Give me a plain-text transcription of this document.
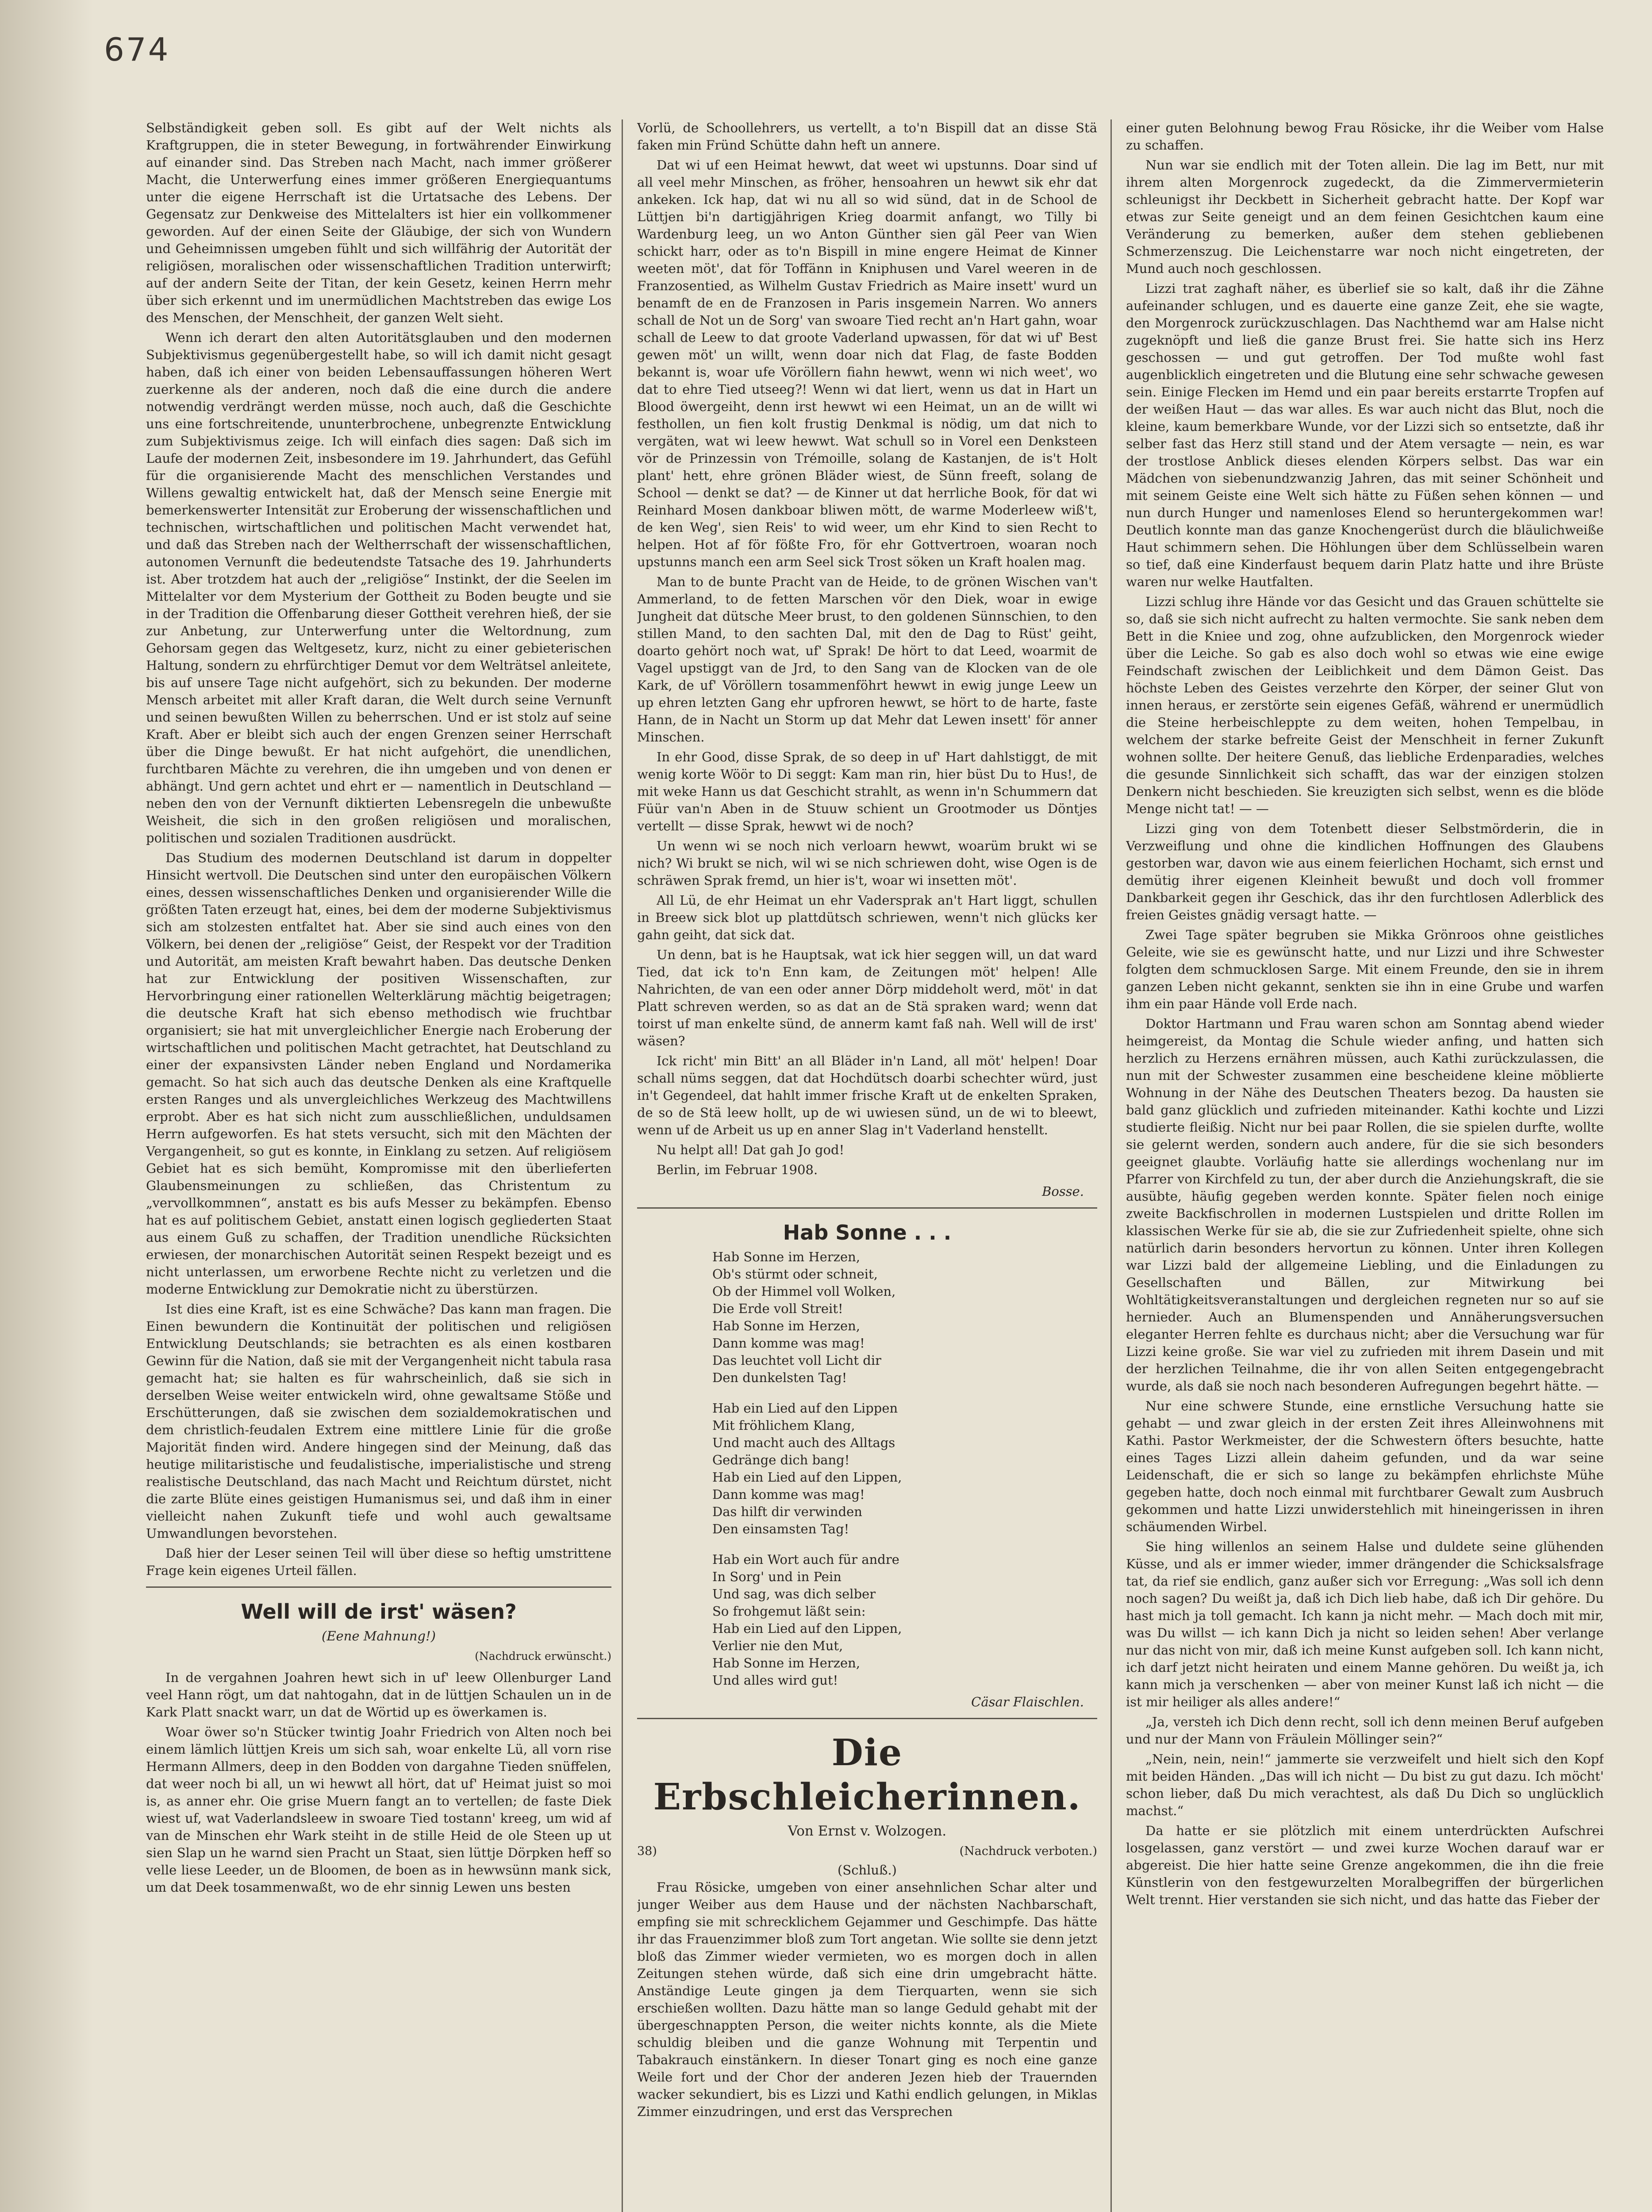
674

Selbständigkeit geben soll. Es gibt auf der Welt nichts als Kraftgruppen, die in steter Bewegung, in fortwährender Einwirkung auf einander sind. Das Streben nach Macht, nach immer größerer Macht, die Unterwerfung eines immer größeren Energiequantums unter die eigene Herrschaft ist die Urtatsache des Lebens. Der Gegensatz zur Denkweise des Mittelalters ist hier ein vollkommener geworden. Auf der einen Seite der Gläubige, der sich von Wundern und Geheimnissen umgeben fühlt und sich willfährig der Autorität der religiösen, moralischen oder wissenschaftlichen Tradition unterwirft; auf der andern Seite der Titan, der kein Gesetz, keinen Herrn mehr über sich erkennt und im unermüdlichen Machtstreben das ewige Los des Menschen, der Menschheit, der ganzen Welt sieht.

Wenn ich derart den alten Autoritätsglauben und den modernen Subjektivismus gegenübergestellt habe, so will ich damit nicht gesagt haben, daß ich einer von beiden Lebensauffassungen höheren Wert zuerkenne als der anderen, noch daß die eine durch die andere notwendig verdrängt werden müsse, noch auch, daß die Geschichte uns eine fortschreitende, ununterbrochene, unbegrenzte Entwicklung zum Subjektivismus zeige. Ich will einfach dies sagen: Daß sich im Laufe der modernen Zeit, insbesondere im 19. Jahrhundert, das Gefühl für die organisierende Macht des menschlichen Verstandes und Willens gewaltig entwickelt hat, daß der Mensch seine Energie mit bemerkenswerter Intensität zur Eroberung der wissenschaftlichen und technischen, wirtschaftlichen und politischen Macht verwendet hat, und daß das Streben nach der Weltherrschaft der wissenschaftlichen, autonomen Vernunft die bedeutendste Tatsache des 19. Jahrhunderts ist. Aber trotzdem hat auch der „religiöse“ Instinkt, der die Seelen im Mittelalter vor dem Mysterium der Gottheit zu Boden beugte und sie in der Tradition die Offenbarung dieser Gottheit verehren hieß, der sie zur Anbetung, zur Unterwerfung unter die Weltordnung, zum Gehorsam gegen das Weltgesetz, kurz, nicht zu einer gebieterischen Haltung, sondern zu ehrfürchtiger Demut vor dem Welträtsel anleitete, bis auf unsere Tage nicht aufgehört, sich zu bekunden. Der moderne Mensch arbeitet mit aller Kraft daran, die Welt durch seine Vernunft und seinen bewußten Willen zu beherrschen. Und er ist stolz auf seine Kraft. Aber er bleibt sich auch der engen Grenzen seiner Herrschaft über die Dinge bewußt. Er hat nicht aufgehört, die unendlichen, furchtbaren Mächte zu verehren, die ihn umgeben und von denen er abhängt. Und gern achtet und ehrt er — namentlich in Deutschland — neben den von der Vernunft diktierten Lebensregeln die unbewußte Weisheit, die sich in den großen religiösen und moralischen, politischen und sozialen Traditionen ausdrückt.

Das Studium des modernen Deutschland ist darum in doppelter Hinsicht wertvoll. Die Deutschen sind unter den europäischen Völkern eines, dessen wissenschaftliches Denken und organisierender Wille die größten Taten erzeugt hat, eines, bei dem der moderne Subjektivismus sich am stolzesten entfaltet hat. Aber sie sind auch eines von den Völkern, bei denen der „religiöse“ Geist, der Respekt vor der Tradition und Autorität, am meisten Kraft bewahrt haben. Das deutsche Denken hat zur Entwicklung der positiven Wissenschaften, zur Hervorbringung einer rationellen Welterklärung mächtig beigetragen; die deutsche Kraft hat sich ebenso methodisch wie fruchtbar organisiert; sie hat mit unvergleichlicher Energie nach Eroberung der wirtschaftlichen und politischen Macht getrachtet, hat Deutschland zu einer der expansivsten Länder neben England und Nordamerika gemacht. So hat sich auch das deutsche Denken als eine Kraftquelle ersten Ranges und als unvergleichliches Werkzeug des Machtwillens erprobt. Aber es hat sich nicht zum ausschließlichen, unduldsamen Herrn aufgeworfen. Es hat stets versucht, sich mit den Mächten der Vergangenheit, so gut es konnte, in Einklang zu setzen. Auf religiösem Gebiet hat es sich bemüht, Kompromisse mit den überlieferten Glaubensmeinungen zu schließen, das Christentum zu „vervollkommnen“, anstatt es bis aufs Messer zu bekämpfen. Ebenso hat es auf politischem Gebiet, anstatt einen logisch gegliederten Staat aus einem Guß zu schaffen, der Tradition unendliche Rücksichten erwiesen, der monarchischen Autorität seinen Respekt bezeigt und es nicht unterlassen, um erworbene Rechte nicht zu verletzen und die moderne Entwicklung zur Demokratie nicht zu überstürzen.

Ist dies eine Kraft, ist es eine Schwäche? Das kann man fragen. Die Einen bewundern die Kontinuität der politischen und religiösen Entwicklung Deutschlands; sie betrachten es als einen kostbaren Gewinn für die Nation, daß sie mit der Vergangenheit nicht tabula rasa gemacht hat; sie halten es für wahrscheinlich, daß sie sich in derselben Weise weiter entwickeln wird, ohne gewaltsame Stöße und Erschütterungen, daß sie zwischen dem sozialdemokratischen und dem christlich-feudalen Extrem eine mittlere Linie für die große Majorität finden wird. Andere hingegen sind der Meinung, daß das heutige militaristische und feudalistische, imperialistische und streng realistische Deutschland, das nach Macht und Reichtum dürstet, nicht die zarte Blüte eines geistigen Humanismus sei, und daß ihm in einer vielleicht nahen Zukunft tiefe und wohl auch gewaltsame Umwandlungen bevorstehen.

Daß hier der Leser seinen Teil will über diese so heftig umstrittene Frage kein eigenes Urteil fällen.

Well will de irst' wäsen?
(Eene Mahnung!)
(Nachdruck erwünscht.)

In de vergahnen Joahren hewt sich in uf' leew Ollenburger Land veel Hann rögt, um dat nahtogahn, dat in de lüttjen Schaulen un in de Kark Platt snackt warr, un dat de Wörtid up es öwerkamen is.

Woar öwer so'n Stücker twintig Joahr Friedrich von Alten noch bei einem lämlich lüttjen Kreis um sich sah, woar enkelte Lü, all vorn rise Hermann Allmers, deep in den Bodden von dargahne Tieden snüffelen, dat weer noch bi all, un wi hewwt all hört, dat uf' Heimat juist so moi is, as anner ehr. Oie grise Muern fangt an to vertellen; de faste Diek wiest uf, wat Vaderlandsleew in swoare Tied tostann' kreeg, um wid af van de Minschen ehr Wark steiht in de stille Heid de ole Steen up ut sien Slap un he warnd sien Pracht un Staat, sien lüttje Dörpken heff so velle liese Leeder, un de Bloomen, de boen as in hewwsünn mank sick, um dat Deek tosammenwaßt, wo de ehr sinnig Lewen uns besten

Vorlü, de Schoollehrers, us vertellt, a to'n Bispill dat an disse Stä faken min Fründ Schütte dahn heft un annere.

Dat wi uf een Heimat hewwt, dat weet wi upstunns. Doar sind uf all veel mehr Minschen, as fröher, hensoahren un hewwt sik ehr dat ankeken. Ick hap, dat wi nu all so wid sünd, dat in de School de Lüttjen bi'n dartigjährigen Krieg doarmit anfangt, wo Tilly bi Wardenburg leeg, un wo Anton Günther sien gäl Peer van Wien schickt harr, oder as to'n Bispill in mine engere Heimat de Kinner weeten möt', dat för Toffänn in Kniphusen und Varel weeren in de Franzosentied, as Wilhelm Gustav Friedrich as Maire insett' wurd un benamft de en de Franzosen in Paris insgemein Narren. Wo anners schall de Not un de Sorg' van swoare Tied recht an'n Hart gahn, woar schall de Leew to dat groote Vaderland upwassen, för dat wi uf' Best gewen möt' un willt, wenn doar nich dat Flag, de faste Bodden bekannt is, woar ufe Vöröllern fiahn hewwt, wenn wi nich weet', wo dat to ehre Tied utseeg?! Wenn wi dat liert, wenn us dat in Hart un Blood öwergeiht, denn irst hewwt wi een Heimat, un an de willt wi festhollen, un fien kolt frustig Denkmal is nödig, um dat nich to vergäten, wat wi leew hewwt. Wat schull so in Vorel een Denksteen vör de Prinzessin von Trémoille, solang de Kastanjen, de is't Holt plant' hett, ehre grönen Bläder wiest, de Sünn freeft, solang de School — denkt se dat? — de Kinner ut dat herrliche Book, för dat wi Reinhard Mosen dankboar bliwen mött, de warme Moderleew wiß't, de ken Weg', sien Reis' to wid weer, um ehr Kind to sien Recht to helpen. Hot af för fößte Fro, för ehr Gottvertroen, woaran noch upstunns manch een arm Seel sick Trost söken un Kraft hoalen mag.

Man to de bunte Pracht van de Heide, to de grönen Wischen van't Ammerland, to de fetten Marschen vör den Diek, woar in ewige Jungheit dat dütsche Meer brust, to den goldenen Sünnschien, to den stillen Mand, to den sachten Dal, mit den de Dag to Rüst' geiht, doarto gehört noch wat, uf' Sprak! De hört to dat Leed, woarmit de Vagel upstiggt van de Jrd, to den Sang van de Klocken van de ole Kark, de uf' Vöröllern tosammenföhrt hewwt in ewig junge Leew un up ehren letzten Gang ehr upfroren hewwt, se hört to de harte, faste Hann, de in Nacht un Storm up dat Mehr dat Lewen insett' för anner Minschen.

In ehr Good, disse Sprak, de so deep in uf' Hart dahlstiggt, de mit wenig korte Wöör to Di seggt: Kam man rin, hier büst Du to Hus!, de mit weke Hann us dat Geschicht strahlt, as wenn in'n Schummern dat Füür van'n Aben in de Stuuw schient un Grootmoder us Döntjes vertellt — disse Sprak, hewwt wi de noch?

Un wenn wi se noch nich verloarn hewwt, woarüm brukt wi se nich? Wi brukt se nich, wil wi se nich schriewen doht, wise Ogen is de schräwen Sprak fremd, un hier is't, woar wi insetten möt'.

All Lü, de ehr Heimat un ehr Vadersprak an't Hart liggt, schullen in Breew sick blot up plattdütsch schriewen, wenn't nich glücks ker gahn geiht, dat sick dat.

Un denn, bat is he Hauptsak, wat ick hier seggen will, un dat ward Tied, dat ick to'n Enn kam, de Zeitungen möt' helpen! Alle Nahrichten, de van een oder anner Dörp middeholt werd, möt' in dat Platt schreven werden, so as dat an de Stä spraken ward; wenn dat toirst uf man enkelte sünd, de annerm kamt faß nah. Well will de irst' wäsen?

Ick richt' min Bitt' an all Bläder in'n Land, all möt' helpen! Doar schall nüms seggen, dat dat Hochdütsch doarbi schechter würd, just in't Gegendeel, dat hahlt immer frische Kraft ut de enkelten Spraken, de so de Stä leew hollt, up de wi uwiesen sünd, un de wi to bleewt, wenn uf de Arbeit us up en anner Slag in't Vaderland henstellt.

Nu helpt all! Dat gah Jo god!

Berlin, im Februar 1908.

Bosse.
Hab Sonne . . .

Hab Sonne im Herzen,

Ob's stürmt oder schneit,

Ob der Himmel voll Wolken,

Die Erde voll Streit!

Hab Sonne im Herzen,

Dann komme was mag!

Das leuchtet voll Licht dir

Den dunkelsten Tag!

Hab ein Lied auf den Lippen

Mit fröhlichem Klang,

Und macht auch des Alltags

Gedränge dich bang!

Hab ein Lied auf den Lippen,

Dann komme was mag!

Das hilft dir verwinden

Den einsamsten Tag!

Hab ein Wort auch für andre

In Sorg' und in Pein

Und sag, was dich selber

So frohgemut läßt sein:

Hab ein Lied auf den Lippen,

Verlier nie den Mut,

Hab Sonne im Herzen,

Und alles wird gut!

Cäsar Flaischlen.
Die Erbschleicherinnen.
Von Ernst v. Wolzogen.
38)	(Nachdruck verboten.)
(Schluß.)

Frau Rösicke, umgeben von einer ansehnlichen Schar alter und junger Weiber aus dem Hause und der nächsten Nachbarschaft, empfing sie mit schrecklichem Gejammer und Geschimpfe. Das hätte ihr das Frauenzimmer bloß zum Tort angetan. Wie sollte sie denn jetzt bloß das Zimmer wieder vermieten, wo es morgen doch in allen Zeitungen stehen würde, daß sich eine drin umgebracht hätte. Anständige Leute gingen ja dem Tierquarten, wenn sie sich erschießen wollten. Dazu hätte man so lange Geduld gehabt mit der übergeschnappten Person, die weiter nichts konnte, als die Miete schuldig bleiben und die ganze Wohnung mit Terpentin und Tabakrauch einstänkern. In dieser Tonart ging es noch eine ganze Weile fort und der Chor der anderen Jezen hieb der Trauernden wacker sekundiert, bis es Lizzi und Kathi endlich gelungen, in Miklas Zimmer einzudringen, und erst das Versprechen

einer guten Belohnung bewog Frau Rösicke, ihr die Weiber vom Halse zu schaffen.

Nun war sie endlich mit der Toten allein. Die lag im Bett, nur mit ihrem alten Morgenrock zugedeckt, da die Zimmervermieterin schleunigst ihr Deckbett in Sicherheit gebracht hatte. Der Kopf war etwas zur Seite geneigt und an dem feinen Gesichtchen kaum eine Veränderung zu bemerken, außer dem stehen gebliebenen Schmerzenszug. Die Leichenstarre war noch nicht eingetreten, der Mund auch noch geschlossen.

Lizzi trat zaghaft näher, es überlief sie so kalt, daß ihr die Zähne aufeinander schlugen, und es dauerte eine ganze Zeit, ehe sie wagte, den Morgenrock zurückzuschlagen. Das Nachthemd war am Halse nicht zugeknöpft und ließ die ganze Brust frei. Sie hatte sich ins Herz geschossen — und gut getroffen. Der Tod mußte wohl fast augenblicklich eingetreten und die Blutung eine sehr schwache gewesen sein. Einige Flecken im Hemd und ein paar bereits erstarrte Tropfen auf der weißen Haut — das war alles. Es war auch nicht das Blut, noch die kleine, kaum bemerkbare Wunde, vor der Lizzi sich so entsetzte, daß ihr selber fast das Herz still stand und der Atem versagte — nein, es war der trostlose Anblick dieses elenden Körpers selbst. Das war ein Mädchen von siebenundzwanzig Jahren, das mit seiner Schönheit und mit seinem Geiste eine Welt sich hätte zu Füßen sehen können — und nun durch Hunger und namenloses Elend so heruntergekommen war! Deutlich konnte man das ganze Knochengerüst durch die bläulichweiße Haut schimmern sehen. Die Höhlungen über dem Schlüsselbein waren so tief, daß eine Kinderfaust bequem darin Platz hatte und ihre Brüste waren nur welke Hautfalten.

Lizzi schlug ihre Hände vor das Gesicht und das Grauen schüttelte sie so, daß sie sich nicht aufrecht zu halten vermochte. Sie sank neben dem Bett in die Kniee und zog, ohne aufzublicken, den Morgenrock wieder über die Leiche. So gab es also doch wohl so etwas wie eine ewige Feindschaft zwischen der Leiblichkeit und dem Dämon Geist. Das höchste Leben des Geistes verzehrte den Körper, der seiner Glut von innen heraus, er zerstörte sein eigenes Gefäß, während er unermüdlich die Steine herbeischleppte zu dem weiten, hohen Tempelbau, in welchem der starke befreite Geist der Menschheit in ferner Zukunft wohnen sollte. Der heitere Genuß, das liebliche Erdenparadies, welches die gesunde Sinnlichkeit sich schafft, das war der einzigen stolzen Denkern nicht beschieden. Sie kreuzigten sich selbst, wenn es die blöde Menge nicht tat! — —

Lizzi ging von dem Totenbett dieser Selbstmörderin, die in Verzweiflung und ohne die kindlichen Hoffnungen des Glaubens gestorben war, davon wie aus einem feierlichen Hochamt, sich ernst und demütig ihrer eigenen Kleinheit bewußt und doch voll frommer Dankbarkeit gegen ihr Geschick, das ihr den furchtlosen Adlerblick des freien Geistes gnädig versagt hatte. —

Zwei Tage später begruben sie Mikka Grönroos ohne geistliches Geleite, wie sie es gewünscht hatte, und nur Lizzi und ihre Schwester folgten dem schmucklosen Sarge. Mit einem Freunde, den sie in ihrem ganzen Leben nicht gekannt, senkten sie ihn in eine Grube und warfen ihm ein paar Hände voll Erde nach.

Doktor Hartmann und Frau waren schon am Sonntag abend wieder heimgereist, da Montag die Schule wieder anfing, und hatten sich herzlich zu Herzens ernähren müssen, auch Kathi zurückzulassen, die nun mit der Schwester zusammen eine bescheidene kleine möblierte Wohnung in der Nähe des Deutschen Theaters bezog. Da hausten sie bald ganz glücklich und zufrieden miteinander. Kathi kochte und Lizzi studierte fleißig. Nicht nur bei paar Rollen, die sie spielen durfte, wollte sie gelernt werden, sondern auch andere, für die sie sich besonders geeignet glaubte. Vorläufig hatte sie allerdings wochenlang nur im Pfarrer von Kirchfeld zu tun, der aber durch die Anziehungskraft, die sie ausübte, häufig gegeben werden konnte. Später fielen noch einige zweite Backfischrollen in modernen Lustspielen und dritte Rollen im klassischen Werke für sie ab, die sie zur Zufriedenheit spielte, ohne sich natürlich darin besonders hervortun zu können. Unter ihren Kollegen war Lizzi bald der allgemeine Liebling, und die Einladungen zu Gesellschaften und Bällen, zur Mitwirkung bei Wohltätigkeitsveranstaltungen und dergleichen regneten nur so auf sie hernieder. Auch an Blumenspenden und Annäherungsversuchen eleganter Herren fehlte es durchaus nicht; aber die Versuchung war für Lizzi keine große. Sie war viel zu zufrieden mit ihrem Dasein und mit der herzlichen Teilnahme, die ihr von allen Seiten entgegengebracht wurde, als daß sie noch nach besonderen Aufregungen begehrt hätte. —

Nur eine schwere Stunde, eine ernstliche Versuchung hatte sie gehabt — und zwar gleich in der ersten Zeit ihres Alleinwohnens mit Kathi. Pastor Werkmeister, der die Schwestern öfters besuchte, hatte eines Tages Lizzi allein daheim gefunden, und da war seine Leidenschaft, die er sich so lange zu bekämpfen ehrlichste Mühe gegeben hatte, doch noch einmal mit furchtbarer Gewalt zum Ausbruch gekommen und hatte Lizzi unwiderstehlich mit hineingerissen in ihren schäumenden Wirbel.

Sie hing willenlos an seinem Halse und duldete seine glühenden Küsse, und als er immer wieder, immer drängender die Schicksalsfrage tat, da rief sie endlich, ganz außer sich vor Erregung: „Was soll ich denn noch sagen? Du weißt ja, daß ich Dich lieb habe, daß ich Dir gehöre. Du hast mich ja toll gemacht. Ich kann ja nicht mehr. — Mach doch mit mir, was Du willst — ich kann Dich ja nicht so leiden sehen! Aber verlange nur das nicht von mir, daß ich meine Kunst aufgeben soll. Ich kann nicht, ich darf jetzt nicht heiraten und einem Manne gehören. Du weißt ja, ich kann mich ja verschenken — aber von meiner Kunst laß ich nicht — die ist mir heiliger als alles andere!“

„Ja, versteh ich Dich denn recht, soll ich denn meinen Beruf aufgeben und nur der Mann von Fräulein Möllinger sein?“

„Nein, nein, nein!“ jammerte sie verzweifelt und hielt sich den Kopf mit beiden Händen. „Das will ich nicht — Du bist zu gut dazu. Ich möcht' schon lieber, daß Du mich verachtest, als daß Du Dich so unglücklich machst.“

Da hatte er sie plötzlich mit einem unterdrückten Aufschrei losgelassen, ganz verstört — und zwei kurze Wochen darauf war er abgereist. Die hier hatte seine Grenze angekommen, die ihn die freie Künstlerin von den festgewurzelten Moralbegriffen der bürgerlichen Welt trennt. Hier verstanden sie sich nicht, und das hatte das Fieber der
